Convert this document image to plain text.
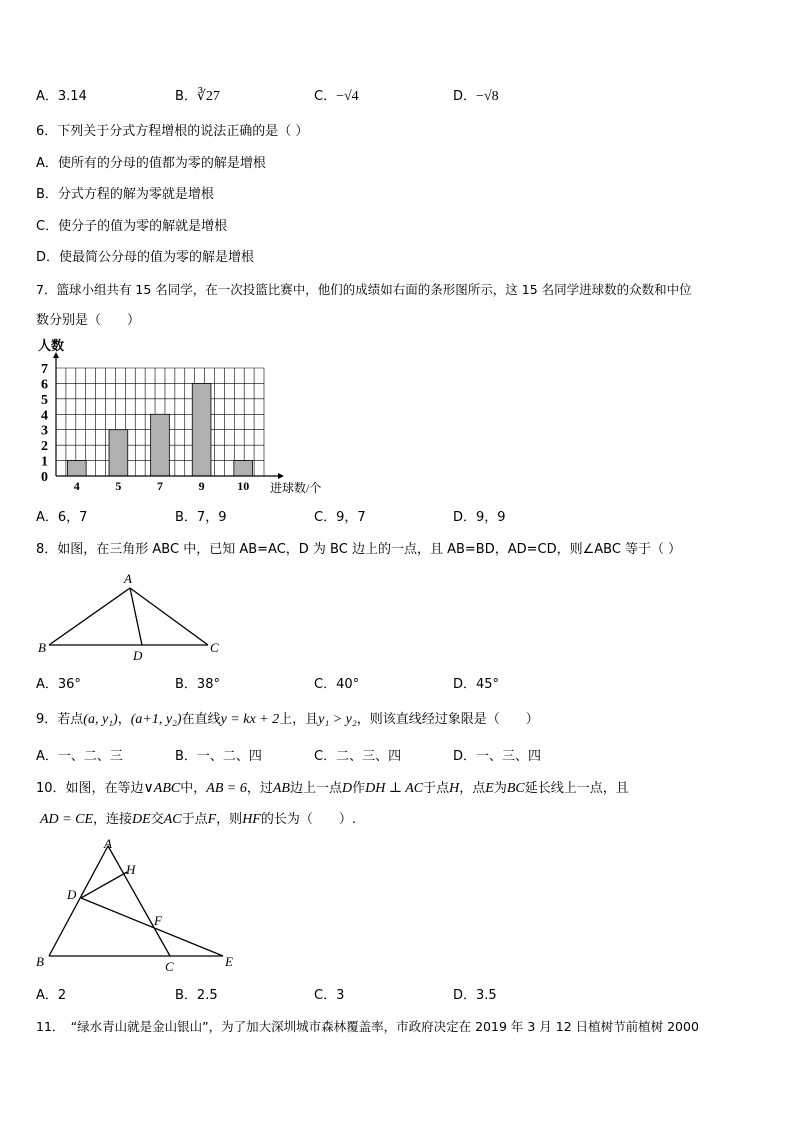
A．3.14	B．∛27	C．−√4	D．−√8
6．下列关于分式方程增根的说法正确的是（ ）
A．使所有的分母的值都为零的解是增根
B．分式方程的解为零就是增根
C．使分子的值为零的解就是增根
D．使最简公分母的值为零的解是增根
7．篮球小组共有 15 名同学，在一次投篮比赛中，他们的成绩如右面的条形图所示，这 15 名同学进球数的众数和中位
数分别是（　　）
0
1
2
3
4
5
6
7
4	5	7	9	10
人数
进球数/个
A．6，7	B．7，9	C．9，7	D．9，9
8．如图，在三角形 ABC 中，已知 AB=AC，D 为 BC 边上的一点，且 AB=BD，AD=CD，则∠ABC 等于（ ）
A
B	C
D
A．36°	B．38°	C．40°	D．45°
9．若点(a, y₁)，(a+1, y₂)在直线y = kx + 2上，且y₁ > y₂，则该直线经过象限是（　　）
A．一、二、三	B．一、二、四	C．二、三、四	D．一、三、四
10．如图，在等边∨ABC中，AB = 6，过AB边上一点D作DH ⊥ AC于点H，点E为BC延长线上一点，且
AD = CE，连接DE交AC于点F，则HF的长为（　　）.
A
H
D
F
B	C	E
A．2	B．2.5	C．3	D．3.5
11．　“绿水青山就是金山银山”，为了加大深圳城市森林覆盖率，市政府决定在 2019 年 3 月 12 日植树节前植树 2000
